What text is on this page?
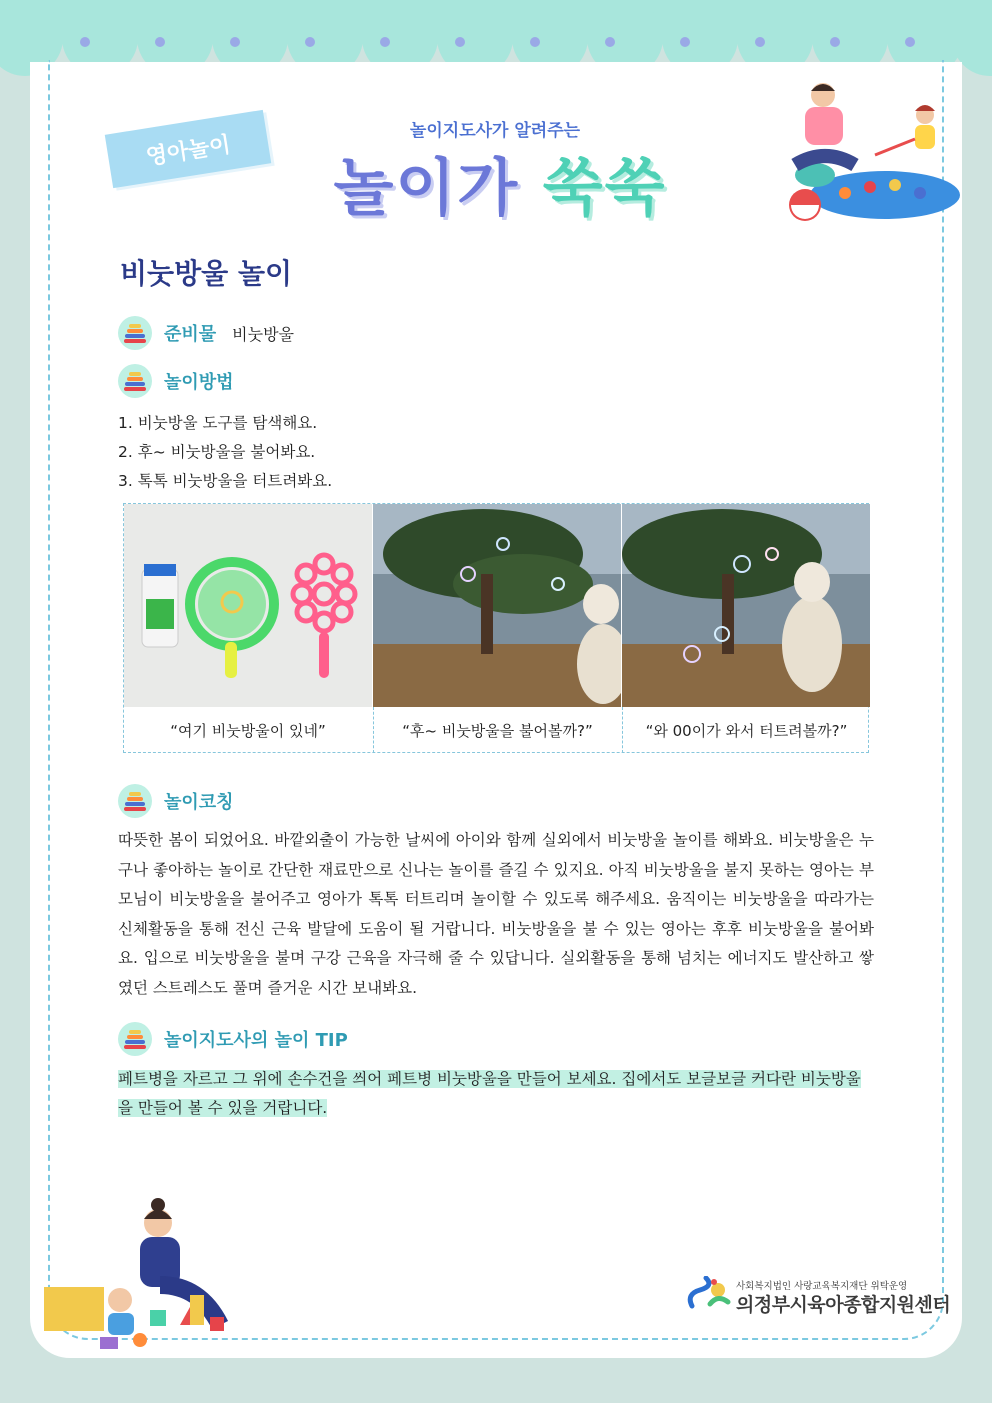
영아놀이
놀이지도사가 알려주는
놀이가 쑥쑥
비눗방울 놀이
준비물 비눗방울
놀이방법
1. 비눗방울 도구를 탐색해요.
2. 후~ 비눗방울을 불어봐요.
3. 톡톡 비눗방울을 터트려봐요.
“여기 비눗방울이 있네”	“후~ 비눗방울을 불어볼까?”	“와 00이가 와서 터트려볼까?”
놀이코칭

따뜻한 봄이 되었어요. 바깥외출이 가능한 날씨에 아이와 함께 실외에서 비눗방울 놀이를 해봐요. 비눗방울은 누구나 좋아하는 놀이로 간단한 재료만으로 신나는 놀이를 즐길 수 있지요. 아직 비눗방울을 불지 못하는 영아는 부모님이 비눗방울을 불어주고 영아가 톡톡 터트리며 놀이할 수 있도록 해주세요. 움직이는 비눗방울을 따라가는 신체활동을 통해 전신 근육 발달에 도움이 될 거랍니다. 비눗방울을 불 수 있는 영아는 후후 비눗방울을 불어봐요. 입으로 비눗방울을 불며 구강 근육을 자극해 줄 수 있답니다. 실외활동을 통해 넘치는 에너지도 발산하고 쌓였던 스트레스도 풀며 즐거운 시간 보내봐요.

놀이지도사의 놀이 TIP

페트병을 자르고 그 위에 손수건을 씌어 페트병 비눗방울을 만들어 보세요. 집에서도 보글보글 커다란 비눗방울을 만들어 볼 수 있을 거랍니다.

사회복지법인 사랑교육복지재단 위탁운영
의정부시육아종합지원센터
